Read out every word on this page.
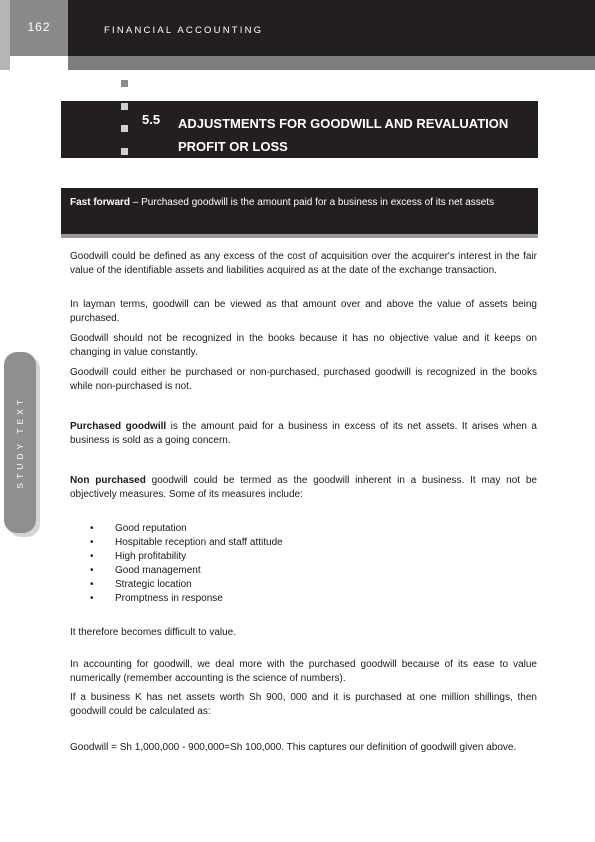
162	FINANCIAL ACCOUNTING
5.5 ADJUSTMENTS FOR GOODWILL AND REVALUATION PROFIT OR LOSS
Fast forward – Purchased goodwill is the amount paid for a business in excess of its net assets
STUDY TEXT
Goodwill could be defined as any excess of the cost of acquisition over the acquirer's interest in the fair value of the identifiable assets and liabilities acquired as at the date of the exchange transaction.
In layman terms, goodwill can be viewed as that amount over and above the value of assets being purchased.
Goodwill should not be recognized in the books because it has no objective value and it keeps on changing in value constantly.
Goodwill could either be purchased or non-purchased, purchased goodwill is recognized in the books while non-purchased is not.
Purchased goodwill is the amount paid for a business in excess of its net assets. It arises when a business is sold as a going concern.
Non purchased goodwill could be termed as the goodwill inherent in a business. It may not be objectively measures. Some of its measures include:
• Good reputation
• Hospitable reception and staff attitude
• High profitability
• Good management
• Strategic location
• Promptness in response
It therefore becomes difficult to value.
In accounting for goodwill, we deal more with the purchased goodwill because of its ease to value numerically (remember accounting is the science of numbers).
If a business K has net assets worth Sh 900, 000 and it is purchased at one million shillings, then goodwill could be calculated as:
Goodwill = Sh 1,000,000 - 900,000=Sh 100,000. This captures our definition of goodwill given above.
